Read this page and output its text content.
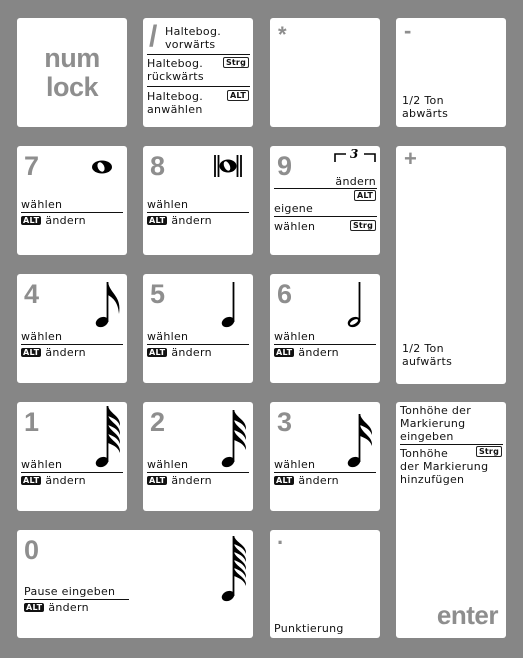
num
lock
/ Haltebog.
vorwärts
Haltebog.
rückwärts
Strg
Haltebog.
anwählen
ALT
*	-
1/2 Ton
abwärts
7
wählen
ALT ändern
8
wählen
ALT ändern
9	3
ändern
ALT
eigene
wählen	Strg
+
1/2 Ton
aufwärts
4
wählen
ALT ändern
5
wählen
ALT ändern
6
wählen
ALT ändern
1
wählen
ALT ändern
2
wählen
ALT ändern
3
wählen
ALT ändern
Tonhöhe der
Markierung
eingeben
Tonhöhe
der Markierung
hinzufügen
Strg
enter
0
Pause eingeben
ALT ändern
·
Punktierung
